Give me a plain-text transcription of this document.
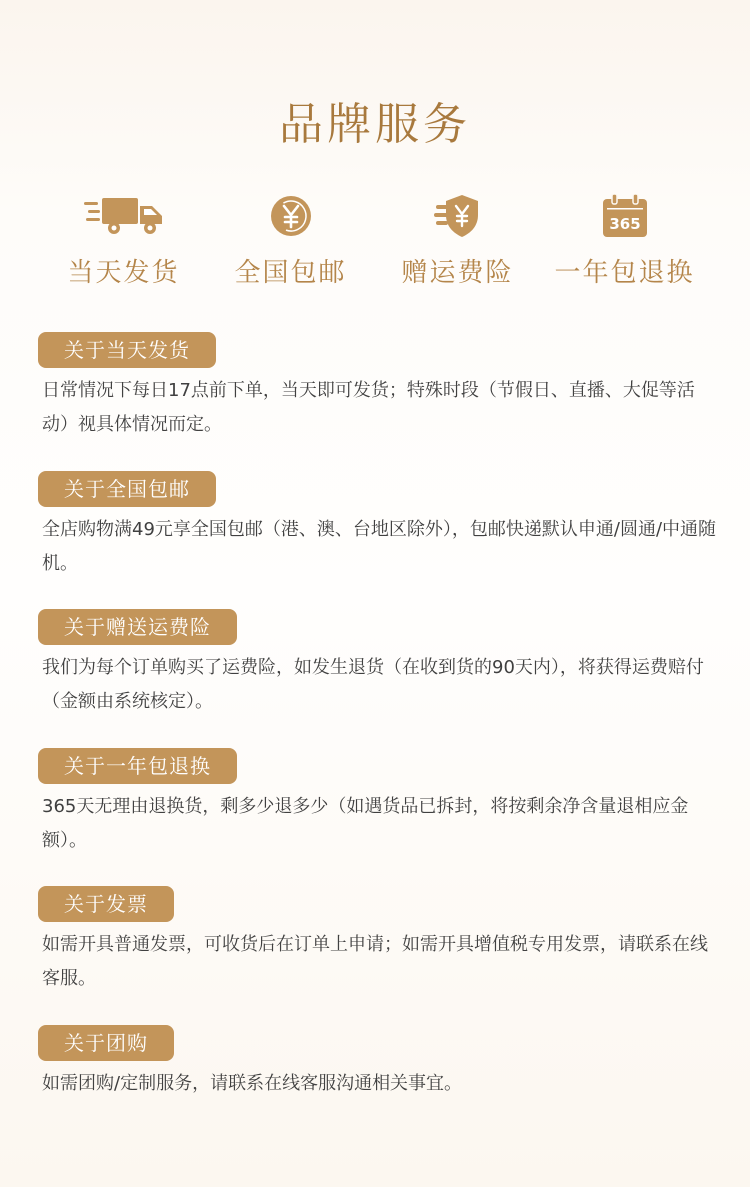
品牌服务
当天发货 全国包邮 赠运费险
365
一年包退换
关于当天发货
日常情况下每日17点前下单，当天即可发货；特殊时段（节假日、直播、大促等活动）视具体情况而定。
关于全国包邮
全店购物满49元享全国包邮（港、澳、台地区除外），包邮快递默认申通/圆通/中通随机。
关于赠送运费险
我们为每个订单购买了运费险，如发生退货（在收到货的90天内），将获得运费赔付（金额由系统核定）。
关于一年包退换
365天无理由退换货，剩多少退多少（如遇货品已拆封，将按剩余净含量退相应金额）。
关于发票
如需开具普通发票，可收货后在订单上申请；如需开具增值税专用发票，请联系在线客服。
关于团购
如需团购/定制服务，请联系在线客服沟通相关事宜。
